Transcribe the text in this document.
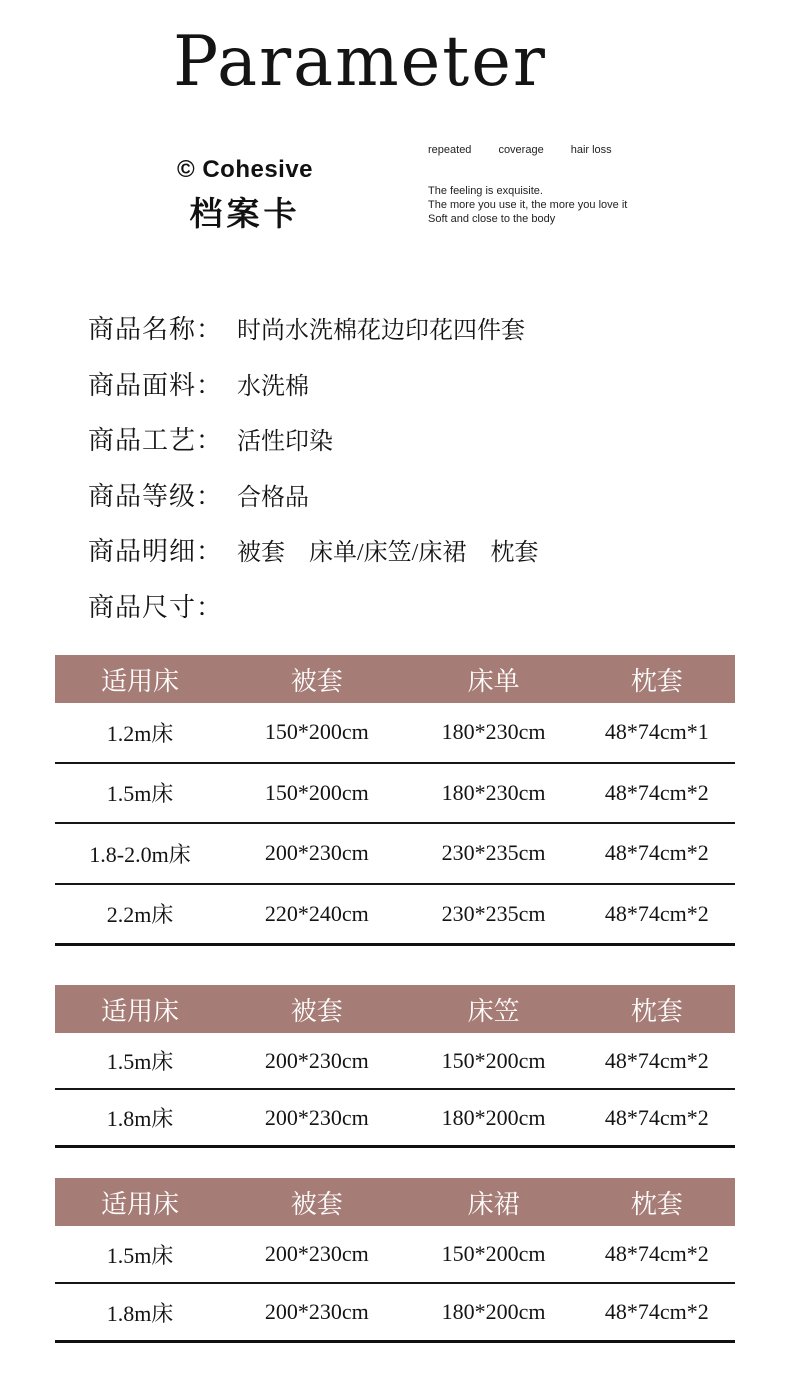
Parameter
© Cohesive
档案卡
repeated coverage hair loss
The feeling is exquisite.
The more you use it, the more you love it
Soft and close to the body
商品名称： 时尚水洗棉花边印花四件套
商品面料： 水洗棉
商品工艺： 活性印染
商品等级： 合格品
商品明细： 被套　床单/床笠/床裙　枕套
商品尺寸：
适用床	被套	床单	枕套
1.2m床	150*200cm	180*230cm	48*74cm*1
1.5m床	150*200cm	180*230cm	48*74cm*2
1.8-2.0m床	200*230cm	230*235cm	48*74cm*2
2.2m床	220*240cm	230*235cm	48*74cm*2
适用床	被套	床笠	枕套
1.5m床	200*230cm	150*200cm	48*74cm*2
1.8m床	200*230cm	180*200cm	48*74cm*2
适用床	被套	床裙	枕套
1.5m床	200*230cm	150*200cm	48*74cm*2
1.8m床	200*230cm	180*200cm	48*74cm*2
